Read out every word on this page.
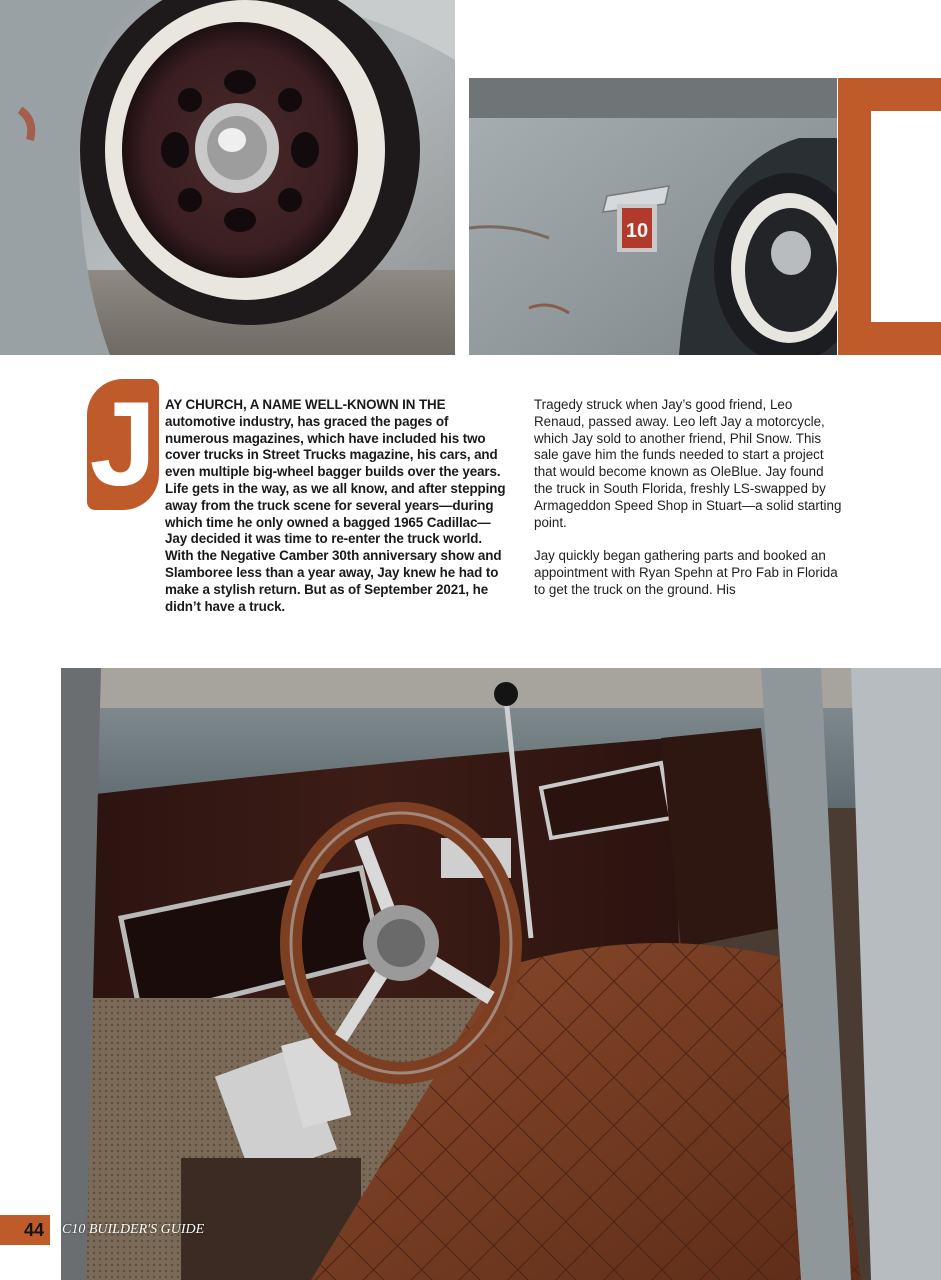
10
J AY CHURCH, A NAME WELL-KNOWN IN THE automotive industry, has graced the pages of numerous magazines, which have included his two cover trucks in Street Trucks magazine, his cars, and even multiple big-wheel bagger builds over the years. Life gets in the way, as we all know, and after stepping away from the truck scene for several years—during which time he only owned a bagged 1965 Cadillac—Jay decided it was time to re-enter the truck world. With the Negative Camber 30th anniversary show and Slamboree less than a year away, Jay knew he had to make a stylish return. But as of September 2021, he didn’t have a truck.

Tragedy struck when Jay’s good friend, Leo Renaud, passed away. Leo left Jay a motorcycle, which Jay sold to another friend, Phil Snow. This sale gave him the funds needed to start a project that would become known as OleBlue. Jay found the truck in South Florida, freshly LS-swapped by Armageddon Speed Shop in Stuart—a solid starting point.

Jay quickly began gathering parts and booked an appointment with Ryan Spehn at Pro Fab in Florida to get the truck on the ground. His

44	C10 BUILDER'S GUIDE
